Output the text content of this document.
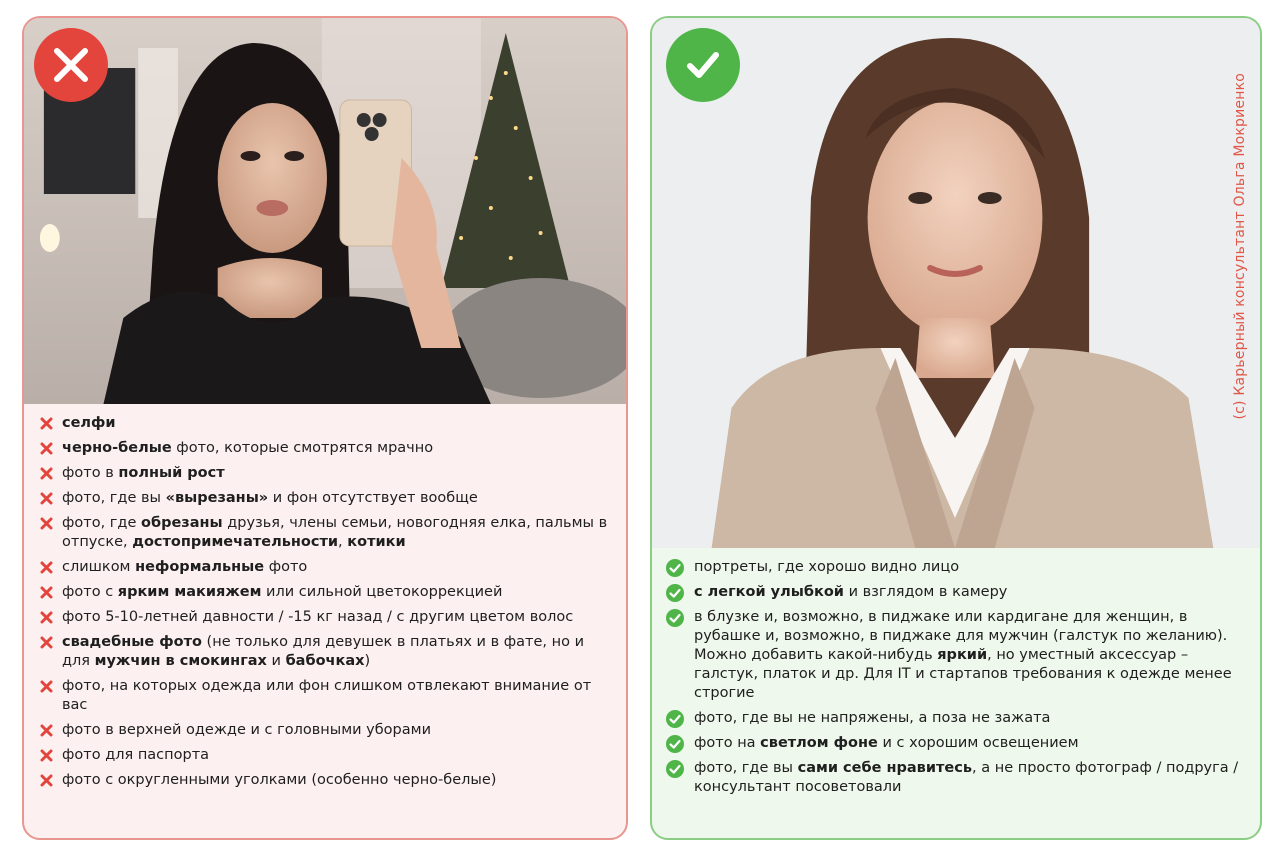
селфи
черно-белые фото, которые смотрятся мрачно
фото в полный рост
фото, где вы «вырезаны» и фон отсутствует вообще
фото, где обрезаны друзья, члены семьи, новогодняя елка, пальмы в отпуске, достопримечательности, котики
слишком неформальные фото
фото с ярким макияжем или сильной цветокоррекцией
фото 5-10-летней давности / -15 кг назад / с другим цветом волос
свадебные фото (не только для девушек в платьях и в фате, но и для мужчин в смокингах и бабочках)
фото, на которых одежда или фон слишком отвлекают внимание от вас
фото в верхней одежде и с головными уборами
фото для паспорта
фото с округленными уголками (особенно черно-белые)
(с) Карьерный консультант Ольга Мокриенко
портреты, где хорошо видно лицо
с легкой улыбкой и взглядом в камеру
в блузке и, возможно, в пиджаке или кардигане для женщин, в рубашке и, возможно, в пиджаке для мужчин (галстук по желанию). Можно добавить какой-нибудь яркий, но уместный аксессуар – галстук, платок и др. Для IT и стартапов требования к одежде менее строгие
фото, где вы не напряжены, а поза не зажата
фото на светлом фоне и с хорошим освещением
фото, где вы сами себе нравитесь, а не просто фотограф / подруга / консультант посоветовали
